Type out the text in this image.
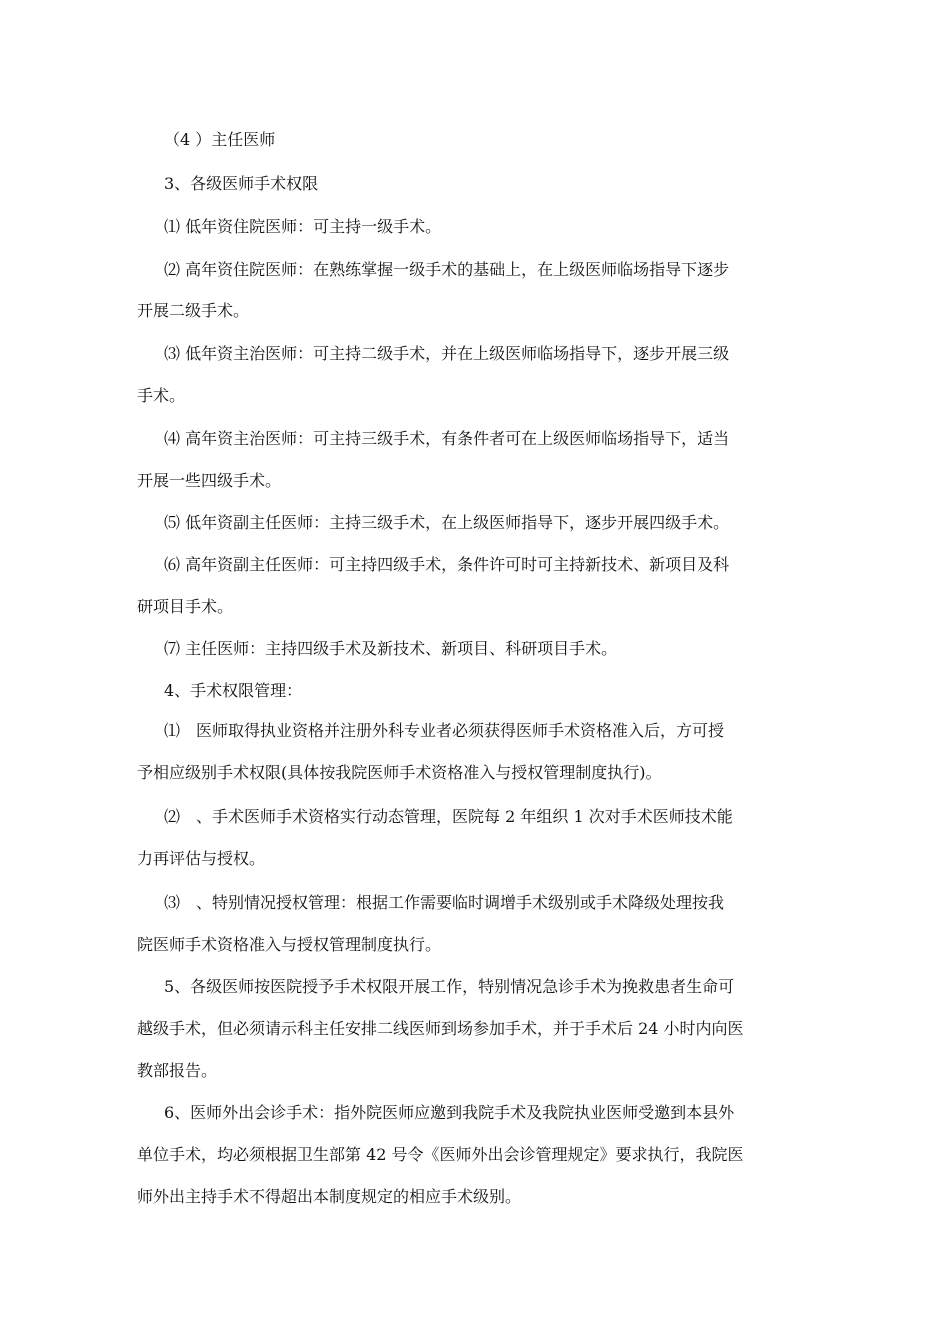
（4 ）主任医师
3、各级医师手术权限
⑴ 低年资住院医师：可主持一级手术。
⑵ 高年资住院医师：在熟练掌握一级手术的基础上，在上级医师临场指导下逐步
开展二级手术。
⑶ 低年资主治医师：可主持二级手术，并在上级医师临场指导下，逐步开展三级
手术。
⑷ 高年资主治医师：可主持三级手术，有条件者可在上级医师临场指导下，适当
开展一些四级手术。
⑸ 低年资副主任医师：主持三级手术，在上级医师指导下，逐步开展四级手术。
⑹ 高年资副主任医师：可主持四级手术，条件许可时可主持新技术、新项目及科
研项目手术。
⑺ 主任医师：主持四级手术及新技术、新项目、科研项目手术。
4、手术权限管理：
⑴　医师取得执业资格并注册外科专业者必须获得医师手术资格准入后，方可授
予相应级别手术权限(具体按我院医师手术资格准入与授权管理制度执行)。
⑵　、手术医师手术资格实行动态管理，医院每 2 年组织 1 次对手术医师技术能
力再评估与授权。
⑶　、特别情况授权管理：根据工作需要临时调增手术级别或手术降级处理按我
院医师手术资格准入与授权管理制度执行。
5、各级医师按医院授予手术权限开展工作，特别情况急诊手术为挽救患者生命可
越级手术，但必须请示科主任安排二线医师到场参加手术，并于手术后 24 小时内向医
教部报告。
6、医师外出会诊手术：指外院医师应邀到我院手术及我院执业医师受邀到本县外
单位手术，均必须根据卫生部第 42 号令《医师外出会诊管理规定》要求执行，我院医
师外出主持手术不得超出本制度规定的相应手术级别。
